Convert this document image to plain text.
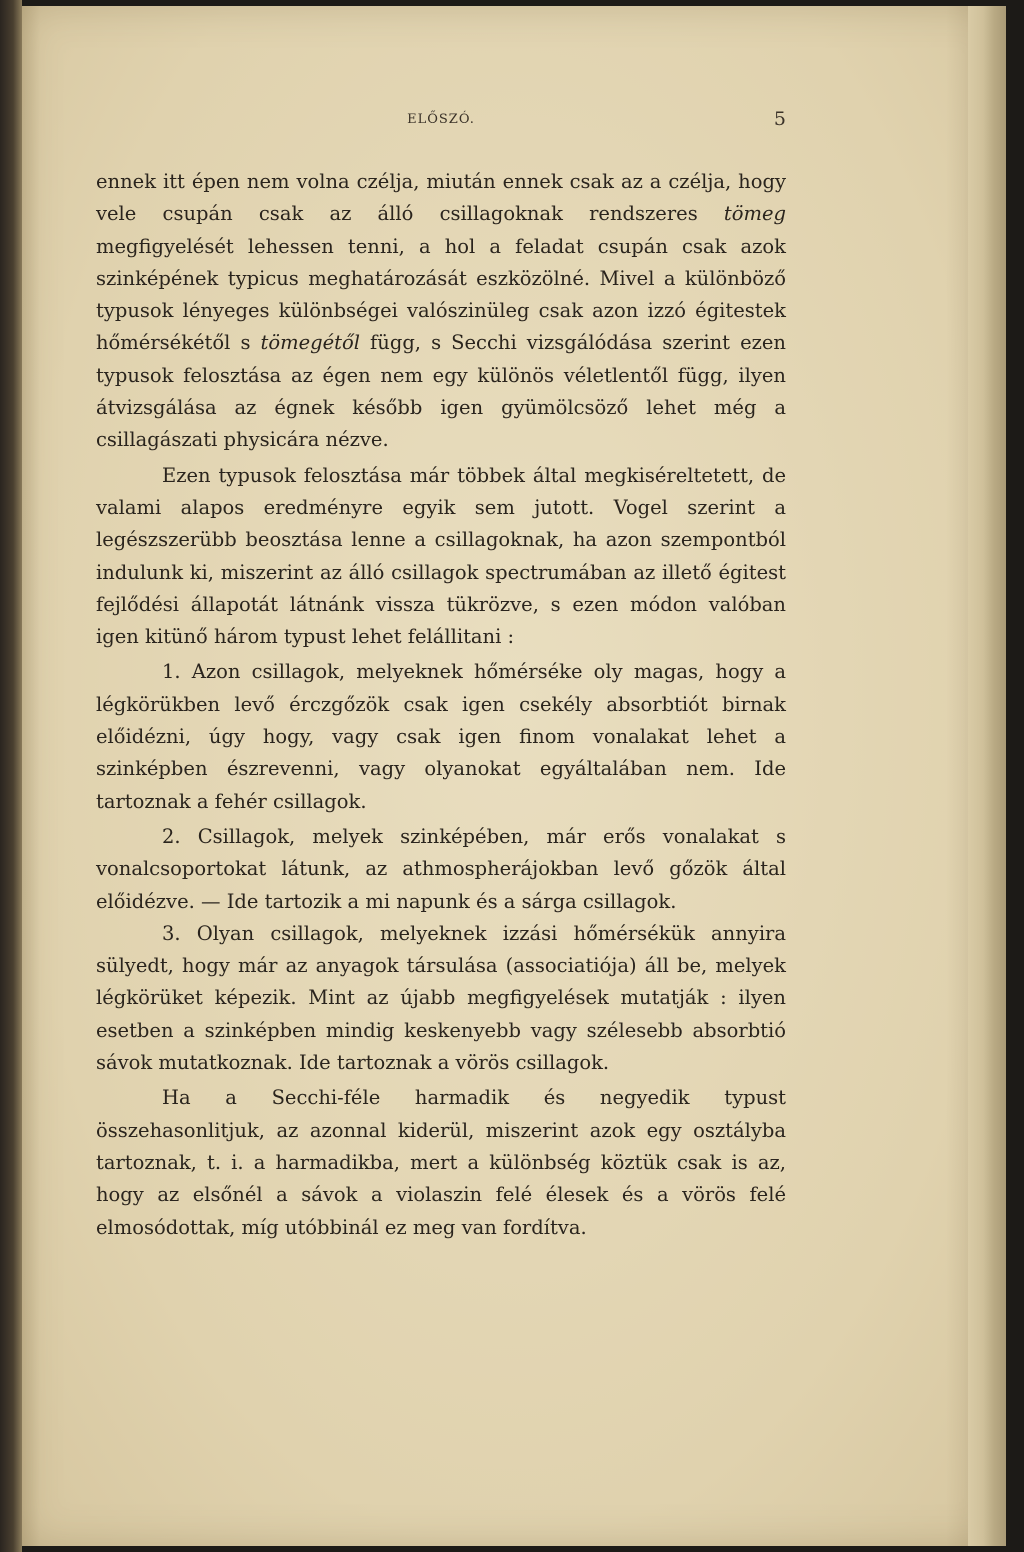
ELŐSZÓ.	5

ennek itt épen nem volna czélja, miután ennek csak az a czélja, hogy vele csupán csak az álló csillagoknak rendszeres tömeg megfigyelését lehessen tenni, a hol a feladat csupán csak azok szinképének typicus meghatározását eszközölné. Mivel a különböző typusok lényeges különbségei valószinüleg csak azon izzó égitestek hőmérsékétől s tömegétől függ, s Secchi vizsgálódása szerint ezen typusok felosztása az égen nem egy különös véletlentől függ, ilyen átvizsgálása az égnek később igen gyümölcsöző lehet még a csillagászati physicára nézve.

Ezen typusok felosztása már többek által megkiséreltetett, de valami alapos eredményre egyik sem jutott. Vogel szerint a legészszerübb beosztása lenne a csillagoknak, ha azon szempontból indulunk ki, miszerint az álló csillagok spectrumában az illető égitest fejlődési állapotát látnánk vissza tükrözve, s ezen módon valóban igen kitünő három typust lehet felállitani :

1. Azon csillagok, melyeknek hőmérséke oly magas, hogy a légkörükben levő érczgőzök csak igen csekély absorbtiót birnak előidézni, úgy hogy, vagy csak igen finom vonalakat lehet a szinképben észrevenni, vagy olyanokat egyáltalában nem. Ide tartoznak a fehér csillagok.

2. Csillagok, melyek szinképében, már erős vonalakat s vonalcsoportokat látunk, az athmospherájokban levő gőzök által előidézve. — Ide tartozik a mi napunk és a sárga csillagok.

3. Olyan csillagok, melyeknek izzási hőmérsékük annyira sülyedt, hogy már az anyagok társulása (associatiója) áll be, melyek légkörüket képezik. Mint az újabb megfigyelések mutatják : ilyen esetben a szinképben mindig keskenyebb vagy szélesebb absorbtió sávok mutatkoznak. Ide tartoznak a vörös csillagok.

Ha a Secchi-féle harmadik és negyedik typust összehasonlitjuk, az azonnal kiderül, miszerint azok egy osztályba tartoznak, t. i. a harmadikba, mert a különbség köztük csak is az, hogy az elsőnél a sávok a violaszin felé élesek és a vörös felé elmosódottak, míg utóbbinál ez meg van fordítva.
